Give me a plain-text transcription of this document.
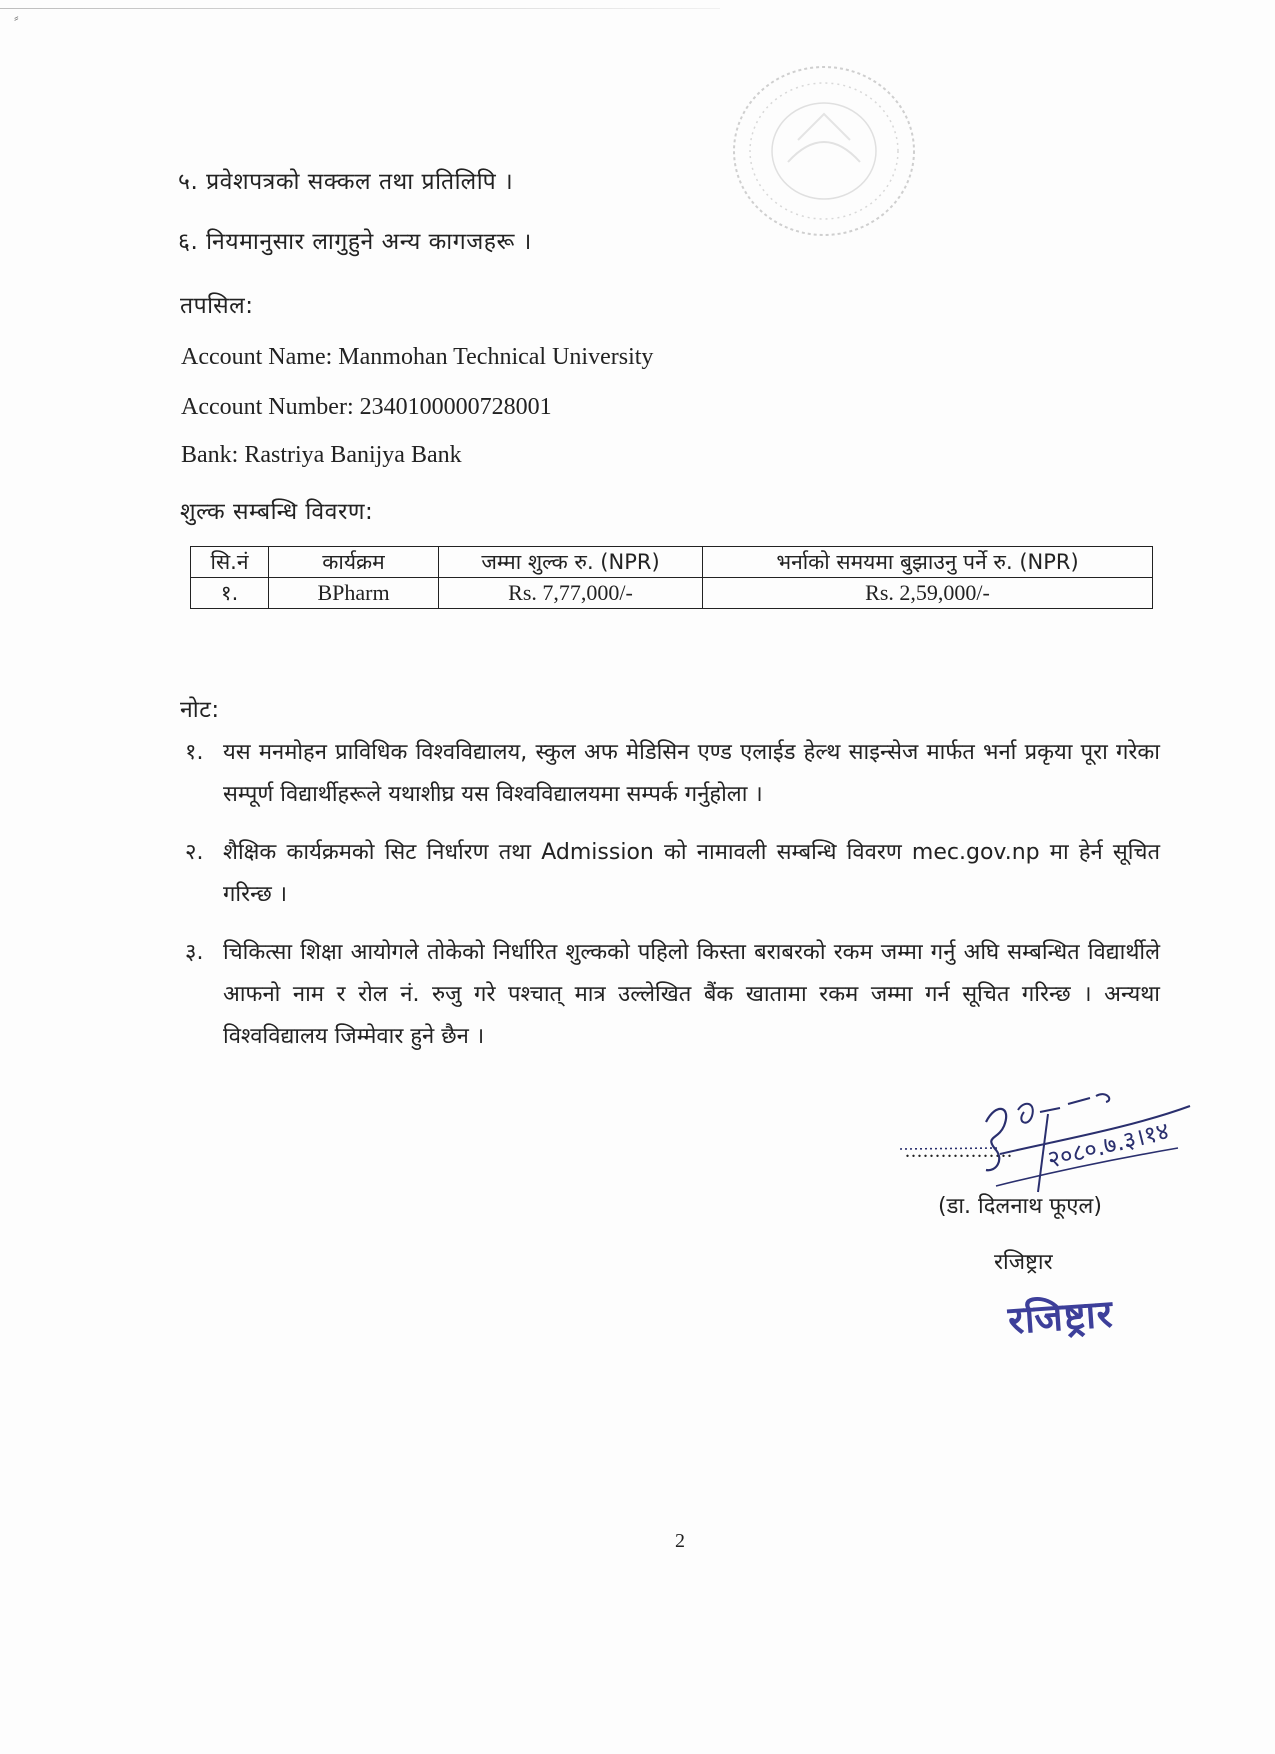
⸗
५. प्रवेशपत्रको सक्कल तथा प्रतिलिपि ।
६. नियमानुसार लागुहुने अन्य कागजहरू ।
तपसिल:
Account Name: Manmohan Technical University
Account Number: 2340100000728001
Bank: Rastriya Banijya Bank
शुल्क सम्बन्धि विवरण:
सि.नं	कार्यक्रम	जम्मा शुल्क रु. (NPR)	भर्नाको समयमा बुझाउनु पर्ने रु. (NPR)
१.	BPharm	Rs. 7,77,000/-	Rs. 2,59,000/-
नोट:
१. यस मनमोहन प्राविधिक विश्वविद्यालय, स्कुल अफ मेडिसिन एण्ड एलाईड हेल्थ साइन्सेज मार्फत भर्ना प्रकृया पूरा गरेका सम्पूर्ण विद्यार्थीहरूले यथाशीघ्र यस विश्वविद्यालयमा सम्पर्क गर्नुहोला ।
२. शैक्षिक कार्यक्रमको सिट निर्धारण तथा Admission को नामावली सम्बन्धि विवरण mec.gov.np मा हेर्न सूचित गरिन्छ ।
३. चिकित्सा शिक्षा आयोगले तोकेको निर्धारित शुल्कको पहिलो किस्ता बराबरको रकम जम्मा गर्नु अघि सम्बन्धित विद्यार्थीले आफनो नाम र रोल नं. रुजु गरे पश्चात् मात्र उल्लेखित बैंक खातामा रकम जम्मा गर्न सूचित गरिन्छ । अन्यथा विश्वविद्यालय जिम्मेवार हुने छैन ।
.................. २०८०.७.३।१४
(डा. दिलनाथ फूएल)
रजिष्ट्रार
रजिष्ट्रार
2
